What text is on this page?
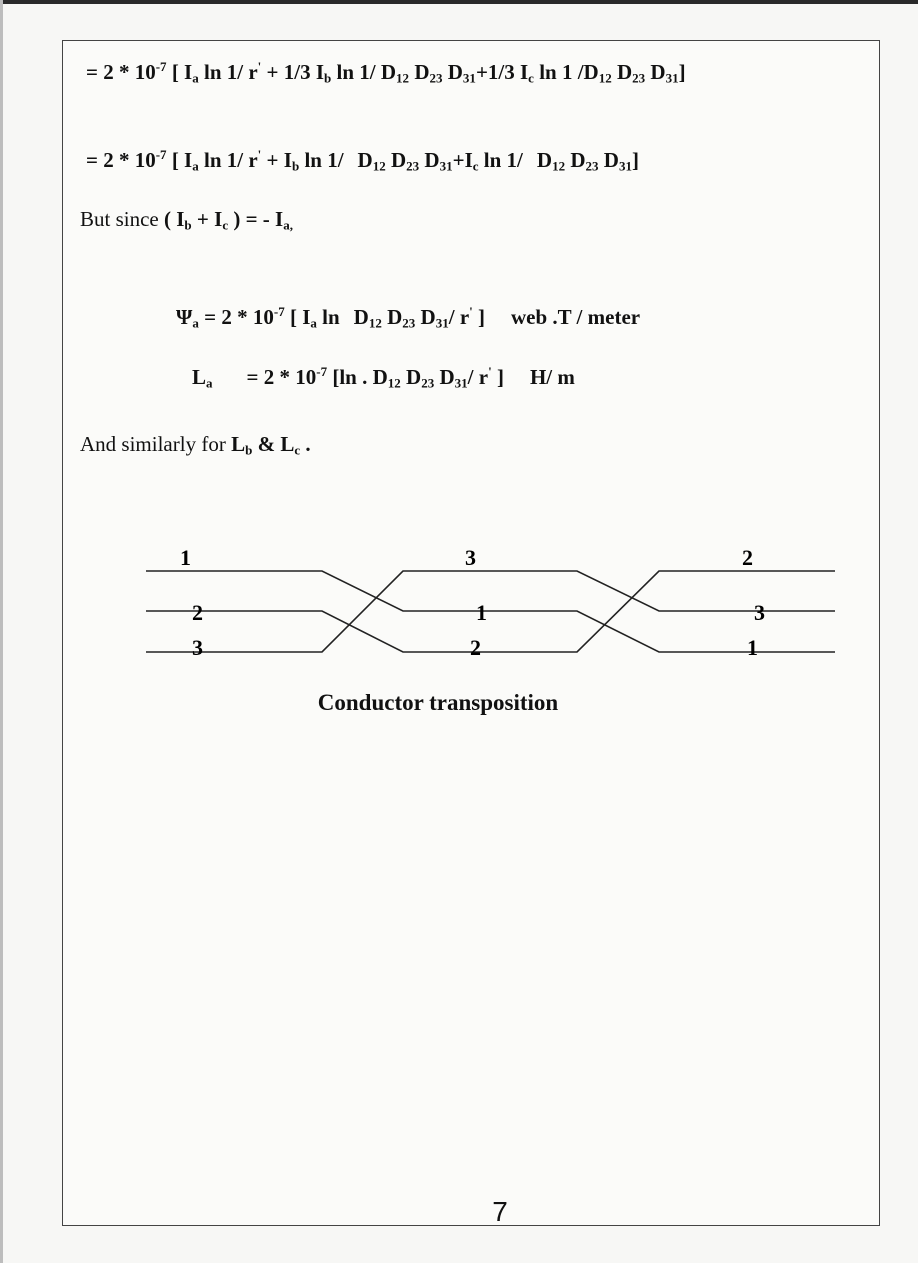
= $2 * 10^{-7}$ [ $I_a$ ln 1/ r' + 1/3 $I_b$ ln 1/ $D_{12}$ $D_{23}$ $D_{31}+1/3$ $I_c$ ln 1 $/D_{12}$ $D_{23}$ $D_{31}$]
= $2 * 10^{-7}$ [ $I_a$ ln 1/ $r' + I_b$ ln 1/ $D_{12}$ $D_{23}$ $D_{31}+I_c$ ln 1/ $D_{12}$ $D_{23}$ $D_{31}$]
But since ( $I_b + I_c$ ) = - $I_{a,}$
$\Psi_a = 2 * 10^{-7}$ [ $I_a$ $\ln D_{12}$ $D_{23}$ $D_{31}/$ r' ] web .T / meter
$L_a = 2 * 10^{-7}$ [ln . $D_{12}$ $D_{23}$ $D_{31}/$ r' ] H/ m
And similarly for $L_b$ & $L_c$ .
1
2
3
3
1
2
2
3
1
Conductor transposition
7
